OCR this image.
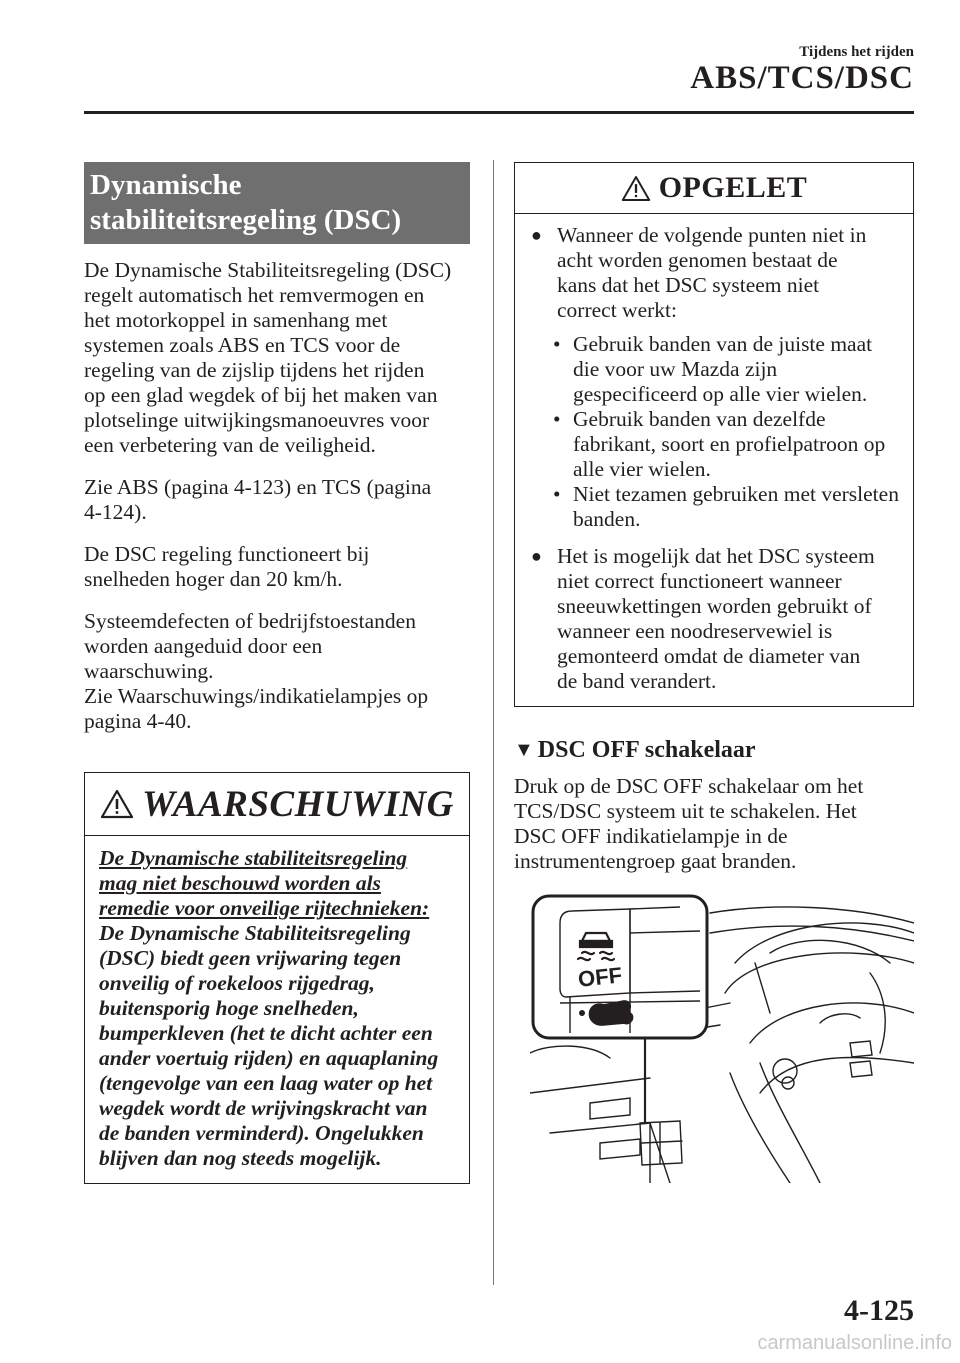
Tijdens het rijden
ABS/TCS/DSC
Dynamische
stabiliteitsregeling (DSC)

De Dynamische Stabiliteitsregeling (DSC)
regelt automatisch het remvermogen en
het motorkoppel in samenhang met
systemen zoals ABS en TCS voor de
regeling van de zijslip tijdens het rijden
op een glad wegdek of bij het maken van
plotselinge uitwijkingsmanoeuvres voor
een verbetering van de veiligheid.

Zie ABS (pagina 4-123) en TCS (pagina
4-124).

De DSC regeling functioneert bij
snelheden hoger dan 20 km/h.

Systeemdefecten of bedrijfstoestanden
worden aangeduid door een
waarschuwing.
Zie Waarschuwings/indikatielampjes op
pagina 4-40.

WAARSCHUWING
De Dynamische stabiliteitsregeling
mag niet beschouwd worden als
remedie voor onveilige rijtechnieken:
De Dynamische Stabiliteitsregeling
(DSC) biedt geen vrijwaring tegen
onveilig of roekeloos rijgedrag,
buitensporig hoge snelheden,
bumperkleven (het te dicht achter een
ander voertuig rijden) en aquaplaning
(tengevolge van een laag water op het
wegdek wordt de wrijvingskracht van
de banden verminderd). Ongelukken
blijven dan nog steeds mogelijk.
OPGELET
● Wanneer de volgende punten niet in
acht worden genomen bestaat de
kans dat het DSC systeem niet
correct werkt:
• Gebruik banden van de juiste maat die voor uw Mazda zijn gespecificeerd op alle vier wielen.
• Gebruik banden van dezelfde fabrikant, soort en profielpatroon op alle vier wielen.
• Niet tezamen gebruiken met versleten banden.
● Het is mogelijk dat het DSC systeem
niet correct functioneert wanneer
sneeuwkettingen worden gebruikt of
wanneer een noodreservewiel is
gemonteerd omdat de diameter van
de band verandert.
▼ DSC OFF schakelaar

Druk op de DSC OFF schakelaar om het
TCS/DSC systeem uit te schakelen. Het
DSC OFF indikatielampje in de
instrumentengroep gaat branden.

OFF
4-125
carmanualsonline.info
